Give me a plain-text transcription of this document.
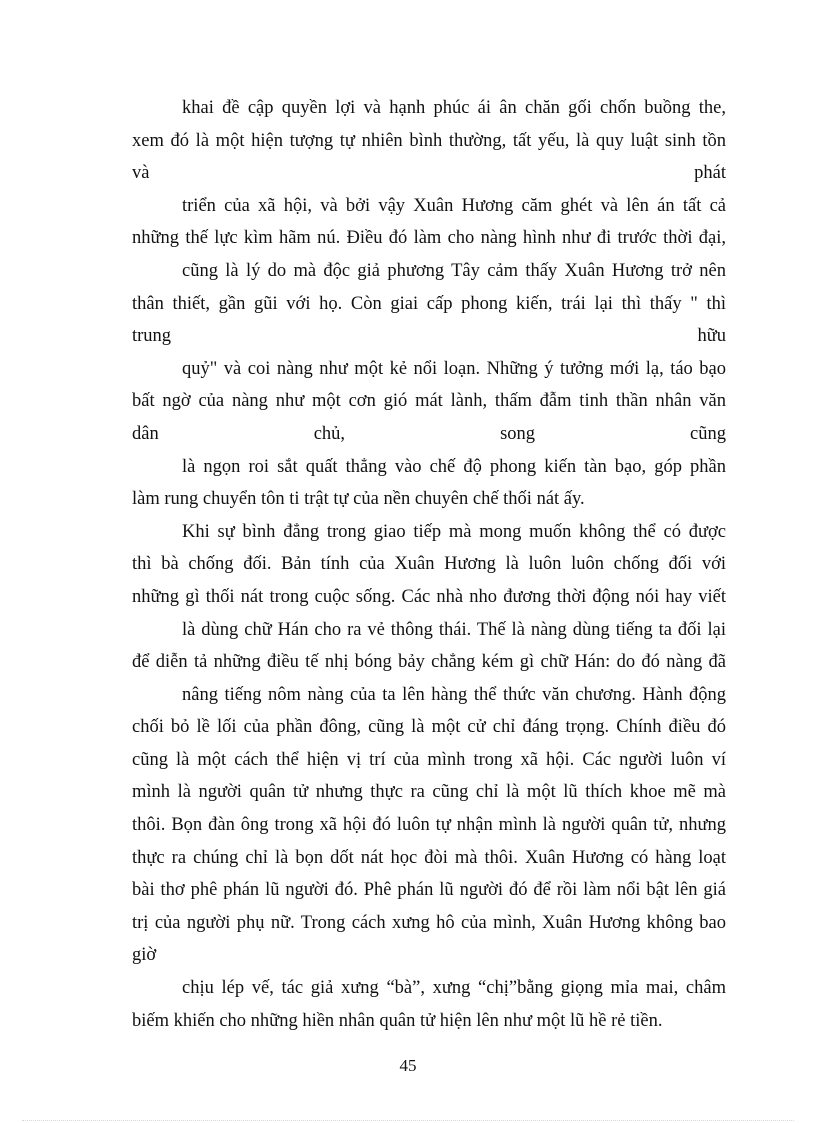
khai đề cập quyền lợi và hạnh phúc ái ân chăn gối chốn buồng the,
xem đó là một hiện tượng tự nhiên bình thường, tất yếu, là quy luật sinh tồn
và phát
triển của xã hội, và bởi vậy Xuân Hương căm ghét và lên án tất cả
những thế lực kìm hãm nú. Điều đó làm cho nàng hình như đi trước thời đại,
cũng là lý do mà độc giả phương Tây cảm thấy Xuân Hương trở nên
thân thiết, gần gũi với họ. Còn giai cấp phong kiến, trái lại thì thấy " thì
trung hữu
quỷ" và coi nàng như một kẻ nổi loạn. Những ý tưởng mới lạ, táo bạo
bất ngờ của nàng như một cơn gió mát lành, thấm đẫm tinh thần nhân văn
dân chủ, song cũng
là ngọn roi sắt quất thẳng vào chế độ phong kiến tàn bạo, góp phần
làm rung chuyển tôn ti trật tự của nền chuyên chế thối nát ấy.
Khi sự bình đẳng trong giao tiếp mà mong muốn không thể có được
thì bà chống đối. Bản tính của Xuân Hương là luôn luôn chống đối với
những gì thối nát trong cuộc sống. Các nhà nho đương thời động nói hay viết
là dùng chữ Hán cho ra vẻ thông thái. Thế là nàng dùng tiếng ta đối lại
để diễn tả những điều tế nhị bóng bảy chẳng kém gì chữ Hán: do đó nàng đã
nâng tiếng nôm nàng của ta lên hàng thể thức văn chương. Hành động
chối bỏ lề lối của phần đông, cũng là một cử chỉ đáng trọng. Chính điều đó
cũng là một cách thể hiện vị trí của mình trong xã hội. Các người luôn ví
mình là người quân tử nhưng thực ra cũng chỉ là một lũ thích khoe mẽ mà
thôi. Bọn đàn ông trong xã hội đó luôn tự nhận mình là người quân tử, nhưng
thực ra chúng chỉ là bọn dốt nát học đòi mà thôi. Xuân Hương có hàng loạt
bài thơ phê phán lũ người đó. Phê phán lũ người đó để rồi làm nổi bật lên giá
trị của người phụ nữ. Trong cách xưng hô của mình, Xuân Hương không bao
giờ
chịu lép vế, tác giả xưng “bà”, xưng “chị”bằng giọng mỉa mai, châm
biếm khiến cho những hiền nhân quân tử hiện lên như một lũ hề rẻ tiền.
45
